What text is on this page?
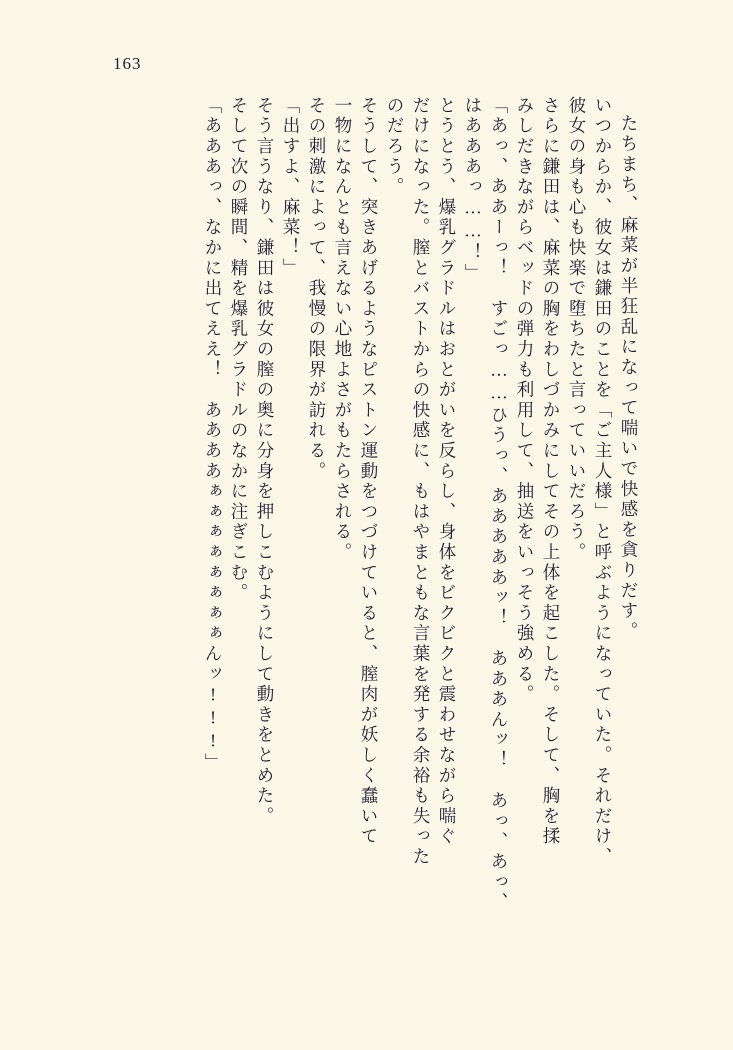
163
「あああっ、なかに出てええ！　ああああぁぁぁぁぁぁぁぁんッ!!!」 そして次の瞬間、精を爆乳グラドルのなかに注ぎこむ。 そう言うなり、鎌田は彼女の膣の奥に分身を押しこむようにして動きをとめた。 「出すよ、麻菜！」 その刺激によって、我慢の限界が訪れる。 一物になんとも言えない心地よさがもたらされる。 そうして、突きあげるようなピストン運動をつづけていると、膣肉が妖しく蠢いて のだろう。 だけになった。膣とバストからの快感に、もはやまともな言葉を発する余裕も失った とうとう、爆乳グラドルはおとがいを反らし、身体をビクビクと震わせながら喘ぐ はあああっ……！」 「あっ、ああーっ！　すごっ……ひうっ、あああああッ！　あああんッ！　あっ、あっ、 みしだきながらベッドの弾力も利用して、抽送をいっそう強める。 さらに鎌田は、麻菜の胸をわしづかみにしてその上体を起こした。そして、胸を揉 彼女の身も心も快楽で堕ちたと言っていいだろう。 いつからか、彼女は鎌田のことを「ご主人様」と呼ぶようになっていた。それだけ、 たちまち、麻菜が半狂乱になって喘いで快感を貪りだす。
